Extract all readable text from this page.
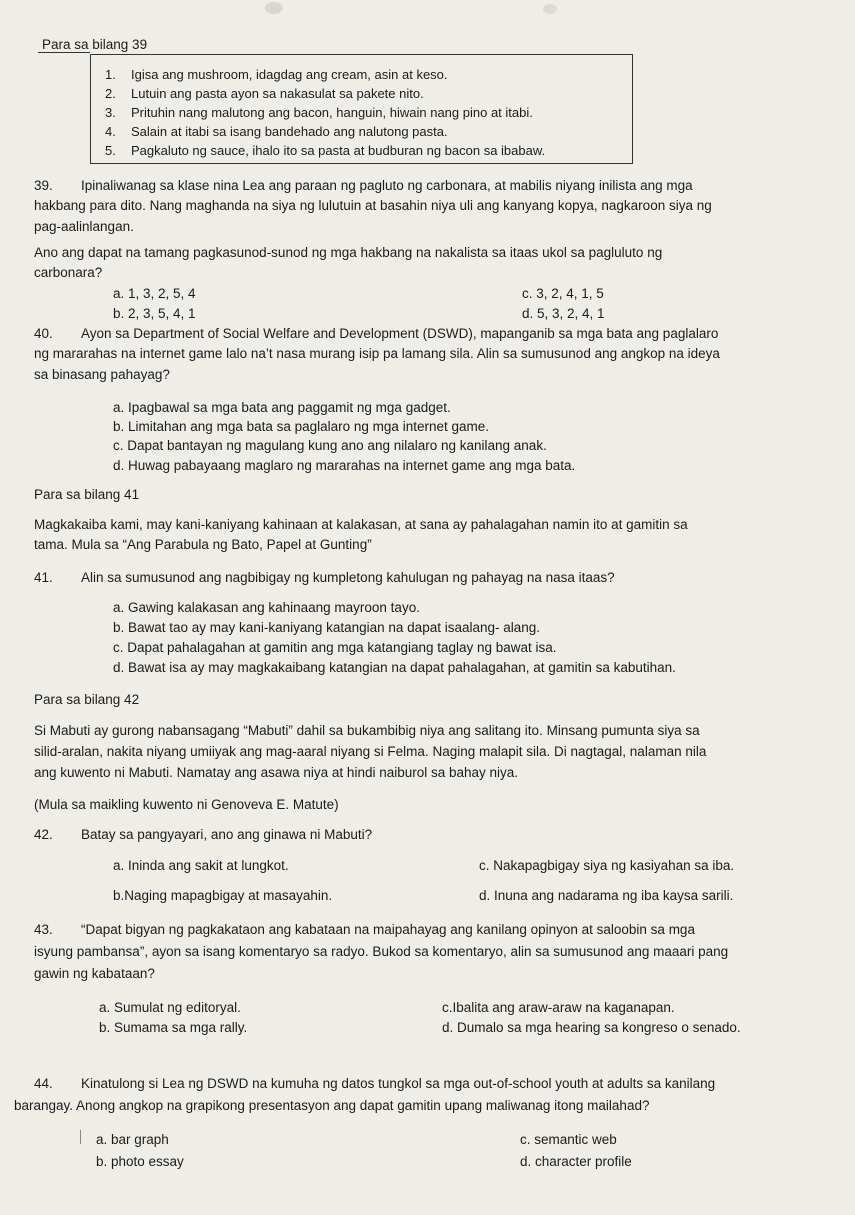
Para sa bilang 39
1. Igisa ang mushroom, idagdag ang cream, asin at keso.
2. Lutuin ang pasta ayon sa nakasulat sa pakete nito.
3. Prituhin nang malutong ang bacon, hanguin, hiwain nang pino at itabi.
4. Salain at itabi sa isang bandehado ang nalutong pasta.
5. Pagkaluto ng sauce, ihalo ito sa pasta at budburan ng bacon sa ibabaw.
39. Ipinaliwanag sa klase nina Lea ang paraan ng pagluto ng carbonara, at mabilis niyang inilista ang mga
hakbang para dito. Nang maghanda na siya ng lulutuin at basahin niya uli ang kanyang kopya, nagkaroon siya ng
pag-aalinlangan.
Ano ang dapat na tamang pagkasunod-sunod ng mga hakbang na nakalista sa itaas ukol sa pagluluto ng
carbonara?
a. 1, 3, 2, 5, 4
b. 2, 3, 5, 4, 1
c. 3, 2, 4, 1, 5
d. 5, 3, 2, 4, 1
40. Ayon sa Department of Social Welfare and Development (DSWD), mapanganib sa mga bata ang paglalaro
ng mararahas na internet game lalo na’t nasa murang isip pa lamang sila. Alin sa sumusunod ang angkop na ideya
sa binasang pahayag?
a. Ipagbawal sa mga bata ang paggamit ng mga gadget.
b. Limitahan ang mga bata sa paglalaro ng mga internet game.
c. Dapat bantayan ng magulang kung ano ang nilalaro ng kanilang anak.
d. Huwag pabayaang maglaro ng mararahas na internet game ang mga bata.
Para sa bilang 41
Magkakaiba kami, may kani-kaniyang kahinaan at kalakasan, at sana ay pahalagahan namin ito at gamitin sa
tama. Mula sa “Ang Parabula ng Bato, Papel at Gunting”
41. Alin sa sumusunod ang nagbibigay ng kumpletong kahulugan ng pahayag na nasa itaas?
a. Gawing kalakasan ang kahinaang mayroon tayo.
b. Bawat tao ay may kani-kaniyang katangian na dapat isaalang- alang.
c. Dapat pahalagahan at gamitin ang mga katangiang taglay ng bawat isa.
d. Bawat isa ay may magkakaibang katangian na dapat pahalagahan, at gamitin sa kabutihan.
Para sa bilang 42
Si Mabuti ay gurong nabansagang “Mabuti” dahil sa bukambibig niya ang salitang ito. Minsang pumunta siya sa
silid-aralan, nakita niyang umiiyak ang mag-aaral niyang si Felma. Naging malapit sila. Di nagtagal, nalaman nila
ang kuwento ni Mabuti. Namatay ang asawa niya at hindi naiburol sa bahay niya.
(Mula sa maikling kuwento ni Genoveva E. Matute)
42. Batay sa pangyayari, ano ang ginawa ni Mabuti?
a. Ininda ang sakit at lungkot.
b.Naging mapagbigay at masayahin.
c. Nakapagbigay siya ng kasiyahan sa iba.
d. Inuna ang nadarama ng iba kaysa sarili.
43. “Dapat bigyan ng pagkakataon ang kabataan na maipahayag ang kanilang opinyon at saloobin sa mga
isyung pambansa”, ayon sa isang komentaryo sa radyo. Bukod sa komentaryo, alin sa sumusunod ang maaari pang
gawin ng kabataan?
a. Sumulat ng editoryal.
b. Sumama sa mga rally.
c.Ibalita ang araw-araw na kaganapan.
d. Dumalo sa mga hearing sa kongreso o senado.
44. Kinatulong si Lea ng DSWD na kumuha ng datos tungkol sa mga out-of-school youth at adults sa kanilang
barangay. Anong angkop na grapikong presentasyon ang dapat gamitin upang maliwanag itong mailahad?
a. bar graph
b. photo essay
c. semantic web
d. character profile
